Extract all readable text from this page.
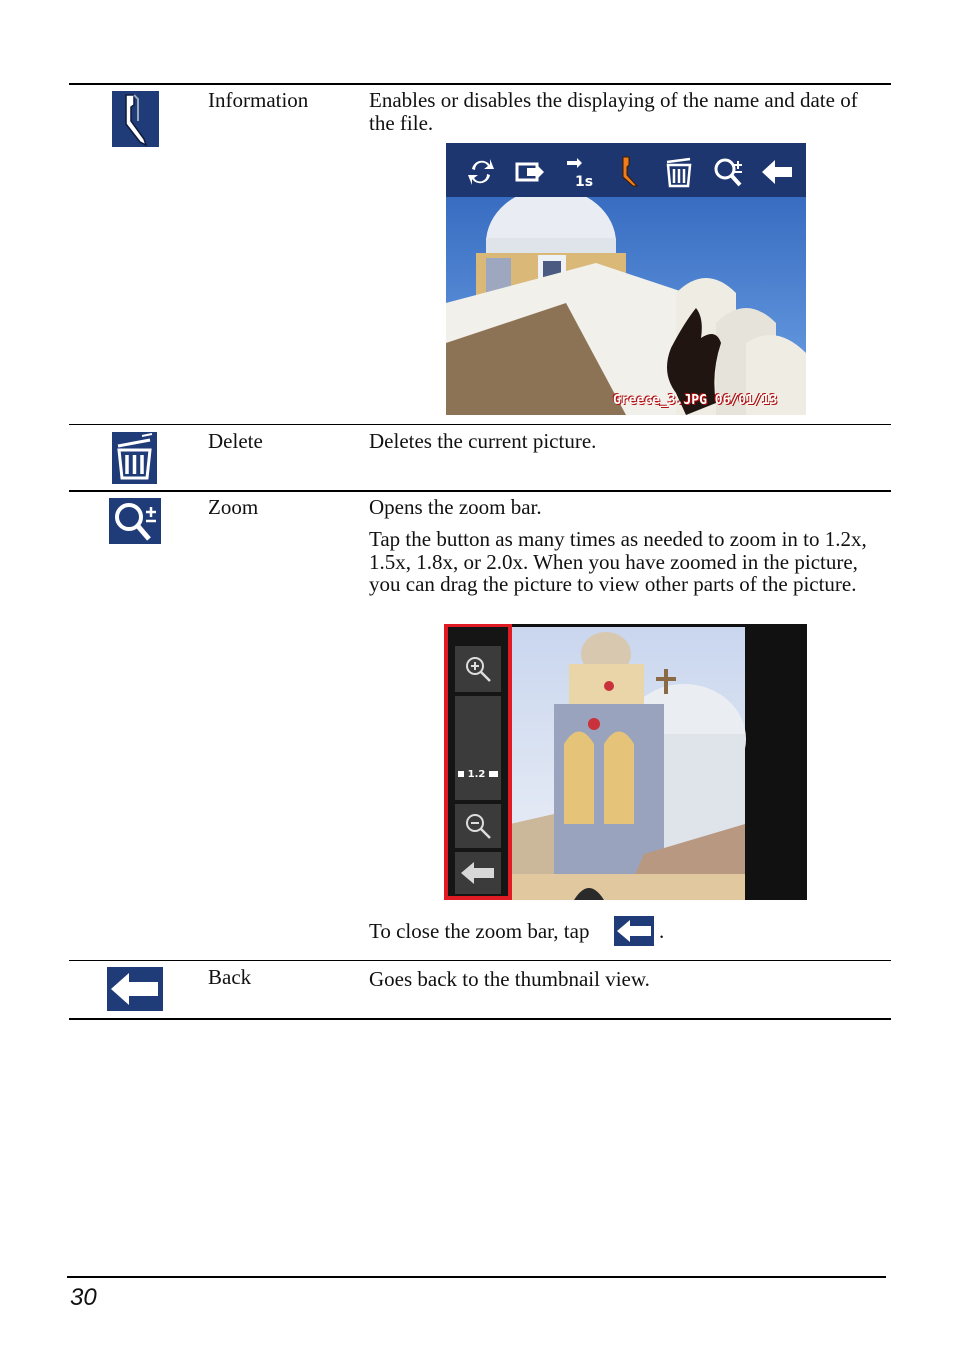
Information	Enables or disables the displaying of the name and date of the file.
1s
Greece_3.JPG 06/01/13
Delete	Deletes the current picture.
Zoom	Opens the zoom bar.
Tap the button as many times as needed to zoom in to 1.2x, 1.5x, 1.8x, or 2.0x. When you have zoomed in the picture, you can drag the picture to view other parts of the picture.
1.2
To close the zoom bar, tap	.
Back	Goes back to the thumbnail view.
30
